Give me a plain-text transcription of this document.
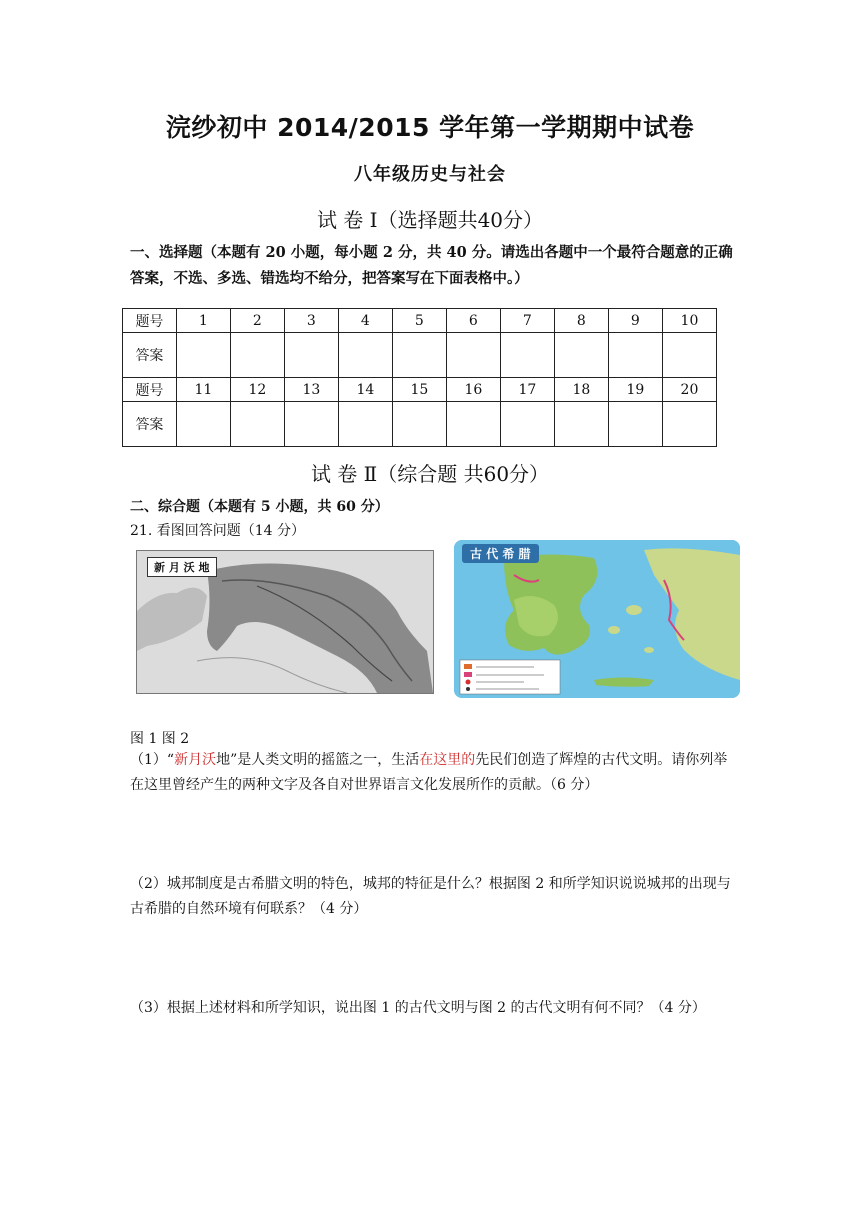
浣纱初中 2014/2015 学年第一学期期中试卷
八年级历史与社会
试 卷 Ⅰ（选择题共40分）
一、选择题（本题有 20 小题，每小题 2 分，共 40 分。请选出各题中一个最符合题意的正确答案，不选、多选、错选均不给分，把答案写在下面表格中。）
题号	1	2	3	4	5	6	7	8	9	10
答案										
题号	11	12	13	14	15	16	17	18	19	20
答案										
试 卷 Ⅱ（综合题 共60分）
二、综合题（本题有 5 小题，共 60 分）
21. 看图回答问题（14 分）
新 月 沃 地
古 代 希 腊
图 1 图 2
（1）“新月沃地”是人类文明的摇篮之一，生活在这里的先民们创造了辉煌的古代文明。请你列举在这里曾经产生的两种文字及各自对世界语言文化发展所作的贡献。（6 分）
（2）城邦制度是古希腊文明的特色，城邦的特征是什么？根据图 2 和所学知识说说城邦的出现与古希腊的自然环境有何联系？（4 分）
（3）根据上述材料和所学知识，说出图 1 的古代文明与图 2 的古代文明有何不同？（4 分）
